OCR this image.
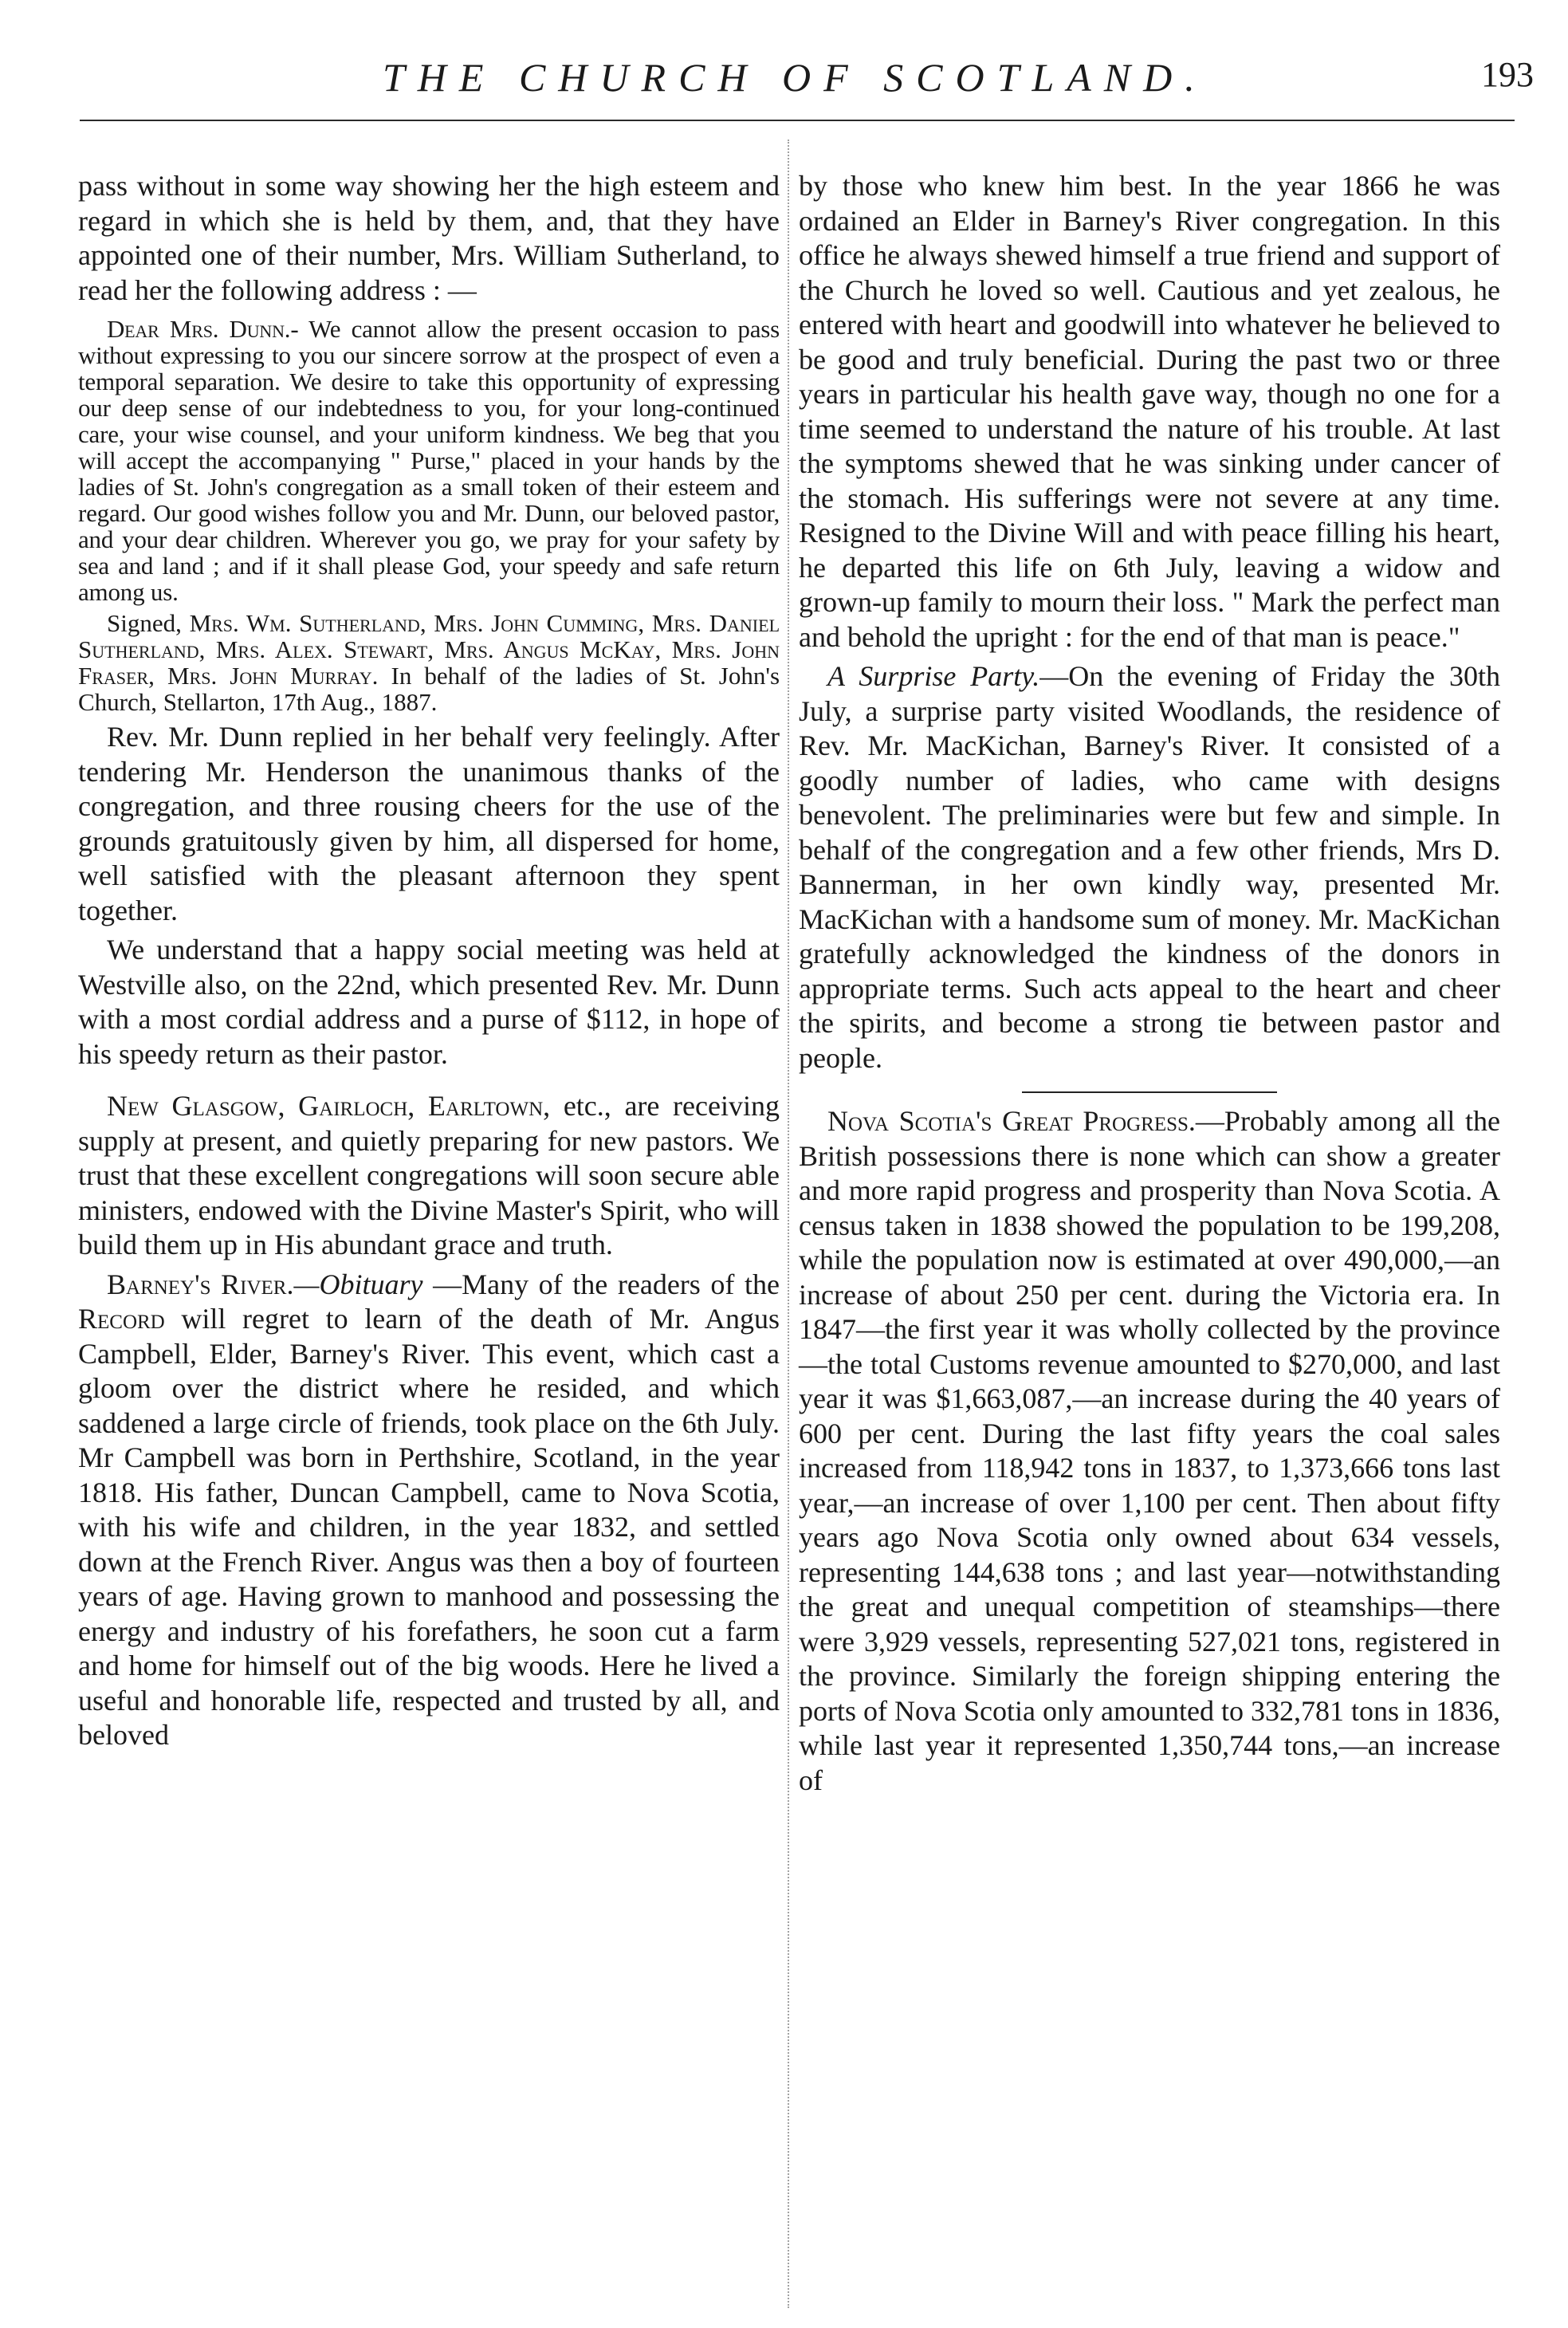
THE CHURCH OF SCOTLAND.	193

pass without in some way showing her the high esteem and regard in which she is held by them, and, that they have appointed one of their number, Mrs. William Sutherland, to read her the following address : —

Dear Mrs. Dunn.- We cannot allow the present occasion to pass without expressing to you our sincere sorrow at the prospect of even a temporal separation. We desire to take this opportunity of expressing our deep sense of our indebtedness to you, for your long-continued care, your wise counsel, and your uniform kindness. We beg that you will accept the accompanying " Purse," placed in your hands by the ladies of St. John's congregation as a small token of their esteem and regard. Our good wishes follow you and Mr. Dunn, our beloved pastor, and your dear children. Wherever you go, we pray for your safety by sea and land ; and if it shall please God, your speedy and safe return among us.

Signed, Mrs. Wm. Sutherland, Mrs. John Cumming, Mrs. Daniel Sutherland, Mrs. Alex. Stewart, Mrs. Angus McKay, Mrs. John Fraser, Mrs. John Murray. In behalf of the ladies of St. John's Church, Stellarton, 17th Aug., 1887.

Rev. Mr. Dunn replied in her behalf very feelingly. After tendering Mr. Henderson the unanimous thanks of the congregation, and three rousing cheers for the use of the grounds gratuitously given by him, all dispersed for home, well satisfied with the pleasant afternoon they spent together.

We understand that a happy social meeting was held at Westville also, on the 22nd, which presented Rev. Mr. Dunn with a most cordial address and a purse of $112, in hope of his speedy return as their pastor.

New Glasgow, Gairloch, Earltown, etc., are receiving supply at present, and quietly preparing for new pastors. We trust that these excellent congregations will soon secure able ministers, endowed with the Divine Master's Spirit, who will build them up in His abundant grace and truth.

Barney's River.—Obituary —Many of the readers of the Record will regret to learn of the death of Mr. Angus Campbell, Elder, Barney's River. This event, which cast a gloom over the district where he resided, and which saddened a large circle of friends, took place on the 6th July. Mr Campbell was born in Perthshire, Scotland, in the year 1818. His father, Duncan Campbell, came to Nova Scotia, with his wife and children, in the year 1832, and settled down at the French River. Angus was then a boy of fourteen years of age. Having grown to manhood and possessing the energy and industry of his forefathers, he soon cut a farm and home for himself out of the big woods. Here he lived a useful and honorable life, respected and trusted by all, and beloved

by those who knew him best. In the year 1866 he was ordained an Elder in Barney's River congregation. In this office he always shewed himself a true friend and support of the Church he loved so well. Cautious and yet zealous, he entered with heart and goodwill into whatever he believed to be good and truly beneficial. During the past two or three years in particular his health gave way, though no one for a time seemed to understand the nature of his trouble. At last the symptoms shewed that he was sinking under cancer of the stomach. His sufferings were not severe at any time. Resigned to the Divine Will and with peace filling his heart, he departed this life on 6th July, leaving a widow and grown-up family to mourn their loss. " Mark the perfect man and behold the upright : for the end of that man is peace."

A Surprise Party.—On the evening of Friday the 30th July, a surprise party visited Woodlands, the residence of Rev. Mr. MacKichan, Barney's River. It consisted of a goodly number of ladies, who came with designs benevolent. The preliminaries were but few and simple. In behalf of the congregation and a few other friends, Mrs D. Bannerman, in her own kindly way, presented Mr. MacKichan with a handsome sum of money. Mr. MacKichan gratefully acknowledged the kindness of the donors in appropriate terms. Such acts appeal to the heart and cheer the spirits, and become a strong tie between pastor and people.

Nova Scotia's Great Progress.—Probably among all the British possessions there is none which can show a greater and more rapid progress and prosperity than Nova Scotia. A census taken in 1838 showed the population to be 199,208, while the population now is estimated at over 490,000,—an increase of about 250 per cent. during the Victoria era. In 1847—the first year it was wholly collected by the province—the total Customs revenue amounted to $270,000, and last year it was $1,663,087,—an increase during the 40 years of 600 per cent. During the last fifty years the coal sales increased from 118,942 tons in 1837, to 1,373,666 tons last year,—an increase of over 1,100 per cent. Then about fifty years ago Nova Scotia only owned about 634 vessels, representing 144,638 tons ; and last year—notwithstanding the great and unequal competition of steamships—there were 3,929 vessels, representing 527,021 tons, registered in the province. Similarly the foreign shipping entering the ports of Nova Scotia only amounted to 332,781 tons in 1836, while last year it represented 1,350,744 tons,—an increase of
